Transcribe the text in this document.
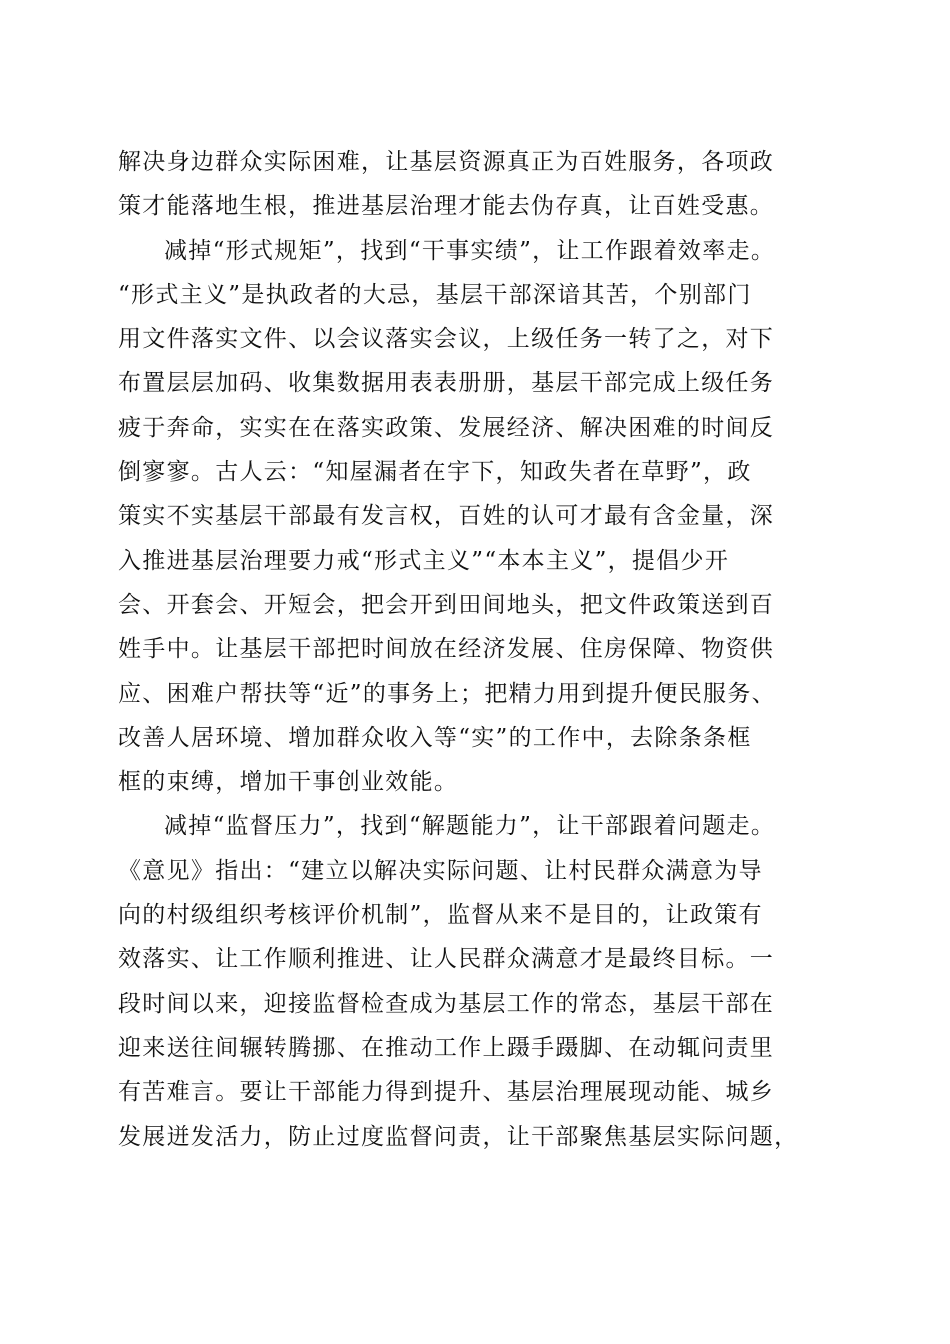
解决身边群众实际困难，让基层资源真正为百姓服务，各项政
策才能落地生根，推进基层治理才能去伪存真，让百姓受惠。
减掉“形式规矩”，找到“干事实绩”，让工作跟着效率走。
“形式主义”是执政者的大忌，基层干部深谙其苦，个别部门
用文件落实文件、以会议落实会议，上级任务一转了之，对下
布置层层加码、收集数据用表表册册，基层干部完成上级任务
疲于奔命，实实在在落实政策、发展经济、解决困难的时间反
倒寥寥。古人云：“知屋漏者在宇下，知政失者在草野”，政
策实不实基层干部最有发言权，百姓的认可才最有含金量，深
入推进基层治理要力戒“形式主义”“本本主义”，提倡少开
会、开套会、开短会，把会开到田间地头，把文件政策送到百
姓手中。让基层干部把时间放在经济发展、住房保障、物资供
应、困难户帮扶等“近”的事务上；把精力用到提升便民服务、
改善人居环境、增加群众收入等“实”的工作中，去除条条框
框的束缚，增加干事创业效能。
减掉“监督压力”，找到“解题能力”，让干部跟着问题走。
《意见》指出：“建立以解决实际问题、让村民群众满意为导
向的村级组织考核评价机制”，监督从来不是目的，让政策有
效落实、让工作顺利推进、让人民群众满意才是最终目标。一
段时间以来，迎接监督检查成为基层工作的常态，基层干部在
迎来送往间辗转腾挪、在推动工作上蹑手蹑脚、在动辄问责里
有苦难言。要让干部能力得到提升、基层治理展现动能、城乡
发展迸发活力，防止过度监督问责，让干部聚焦基层实际问题，
